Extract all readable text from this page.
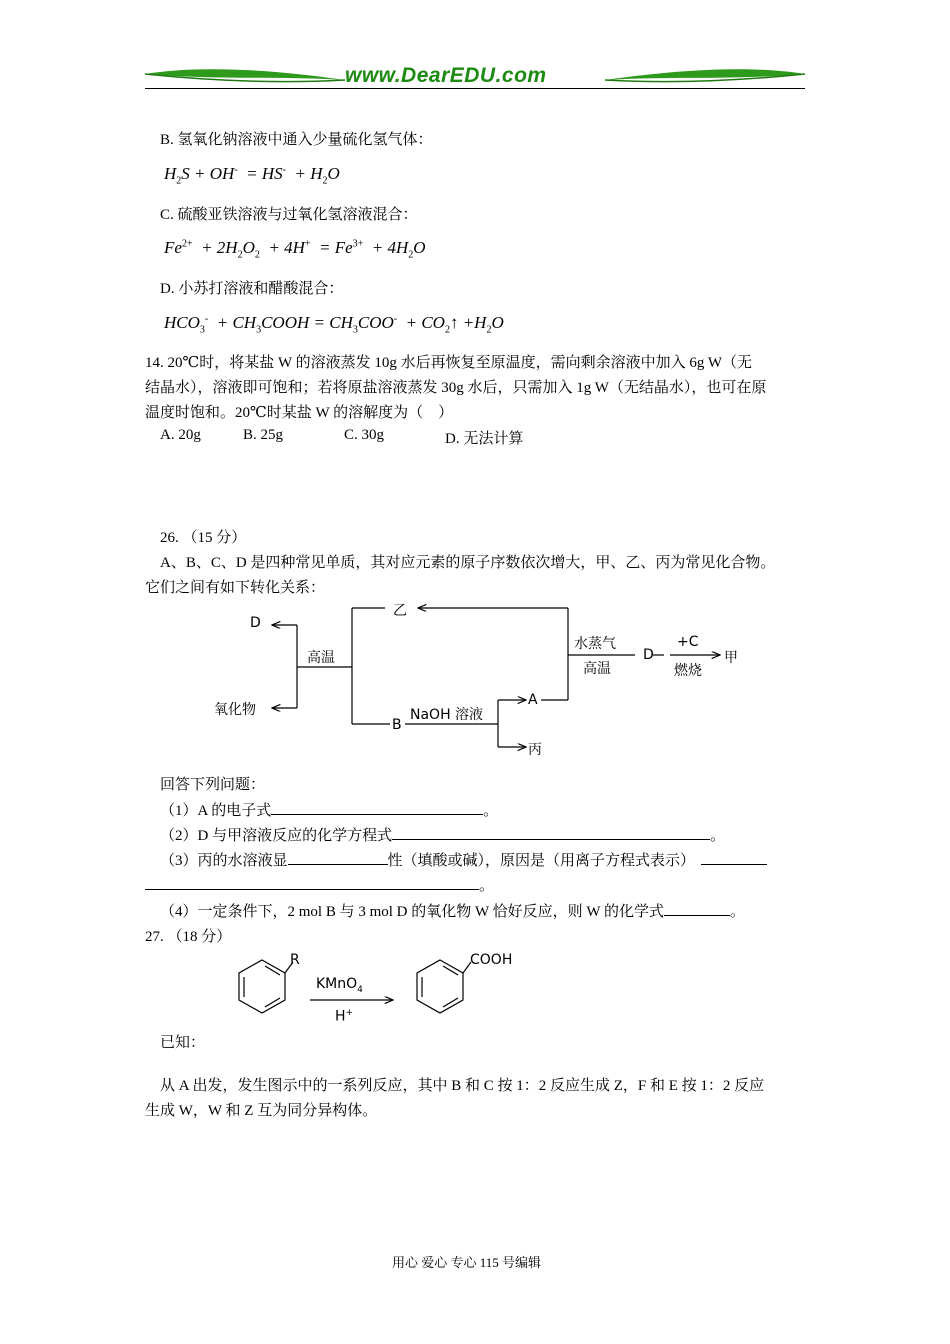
www.DearEDU.com
B. 氢氧化钠溶液中通入少量硫化氢气体：
$H_2S + OH^- = HS^- + H_2O$
C. 硫酸亚铁溶液与过氧化氢溶液混合：
$Fe^{2+} + 2H_2O_2 + 4H^+ = Fe^{3+} + 4H_2O$
D. 小苏打溶液和醋酸混合：
$HCO_3^-$  + $CH_3COOH = CH_3COO^-$  + $CO_2↑ +H_2O$
14. 20℃时，将某盐 W 的溶液蒸发 10g 水后再恢复至原温度，需向剩余溶液中加入 6g W（无
结晶水），溶液即可饱和；若将原盐溶液蒸发 30g 水后，只需加入 1g W（无结晶水），也可在原
温度时饱和。20℃时某盐 W 的溶解度为（　）
A. 20g	B. 25g	C. 30g	D. 无法计算
26. （15 分）
A、B、C、D 是四种常见单质，其对应元素的原子序数依次增大，甲、乙、丙为常见化合物。
它们之间有如下转化关系：
D
高温
氧化物
乙
B
NaOH 溶液
A
丙
水蒸气
高温
D
+C
燃烧
甲
回答下列问题：
（1）A 的电子式	。
（2）D 与甲溶液反应的化学方程式	。
（3）丙的水溶液显	性（填酸或碱），原因是（用离子方程式表示）
。
（4）一定条件下，2 mol B 与 3 mol D 的氧化物 W 恰好反应，则 W 的化学式	。
27. （18 分）
已知：
R
KMnO$_4$
H+
COOH
从 A 出发，发生图示中的一系列反应，其中 B 和 C 按 1：2 反应生成 Z，F 和 E 按 1：2 反应
生成 W，W 和 Z 互为同分异构体。
用心 爱心 专心 115 号编辑
